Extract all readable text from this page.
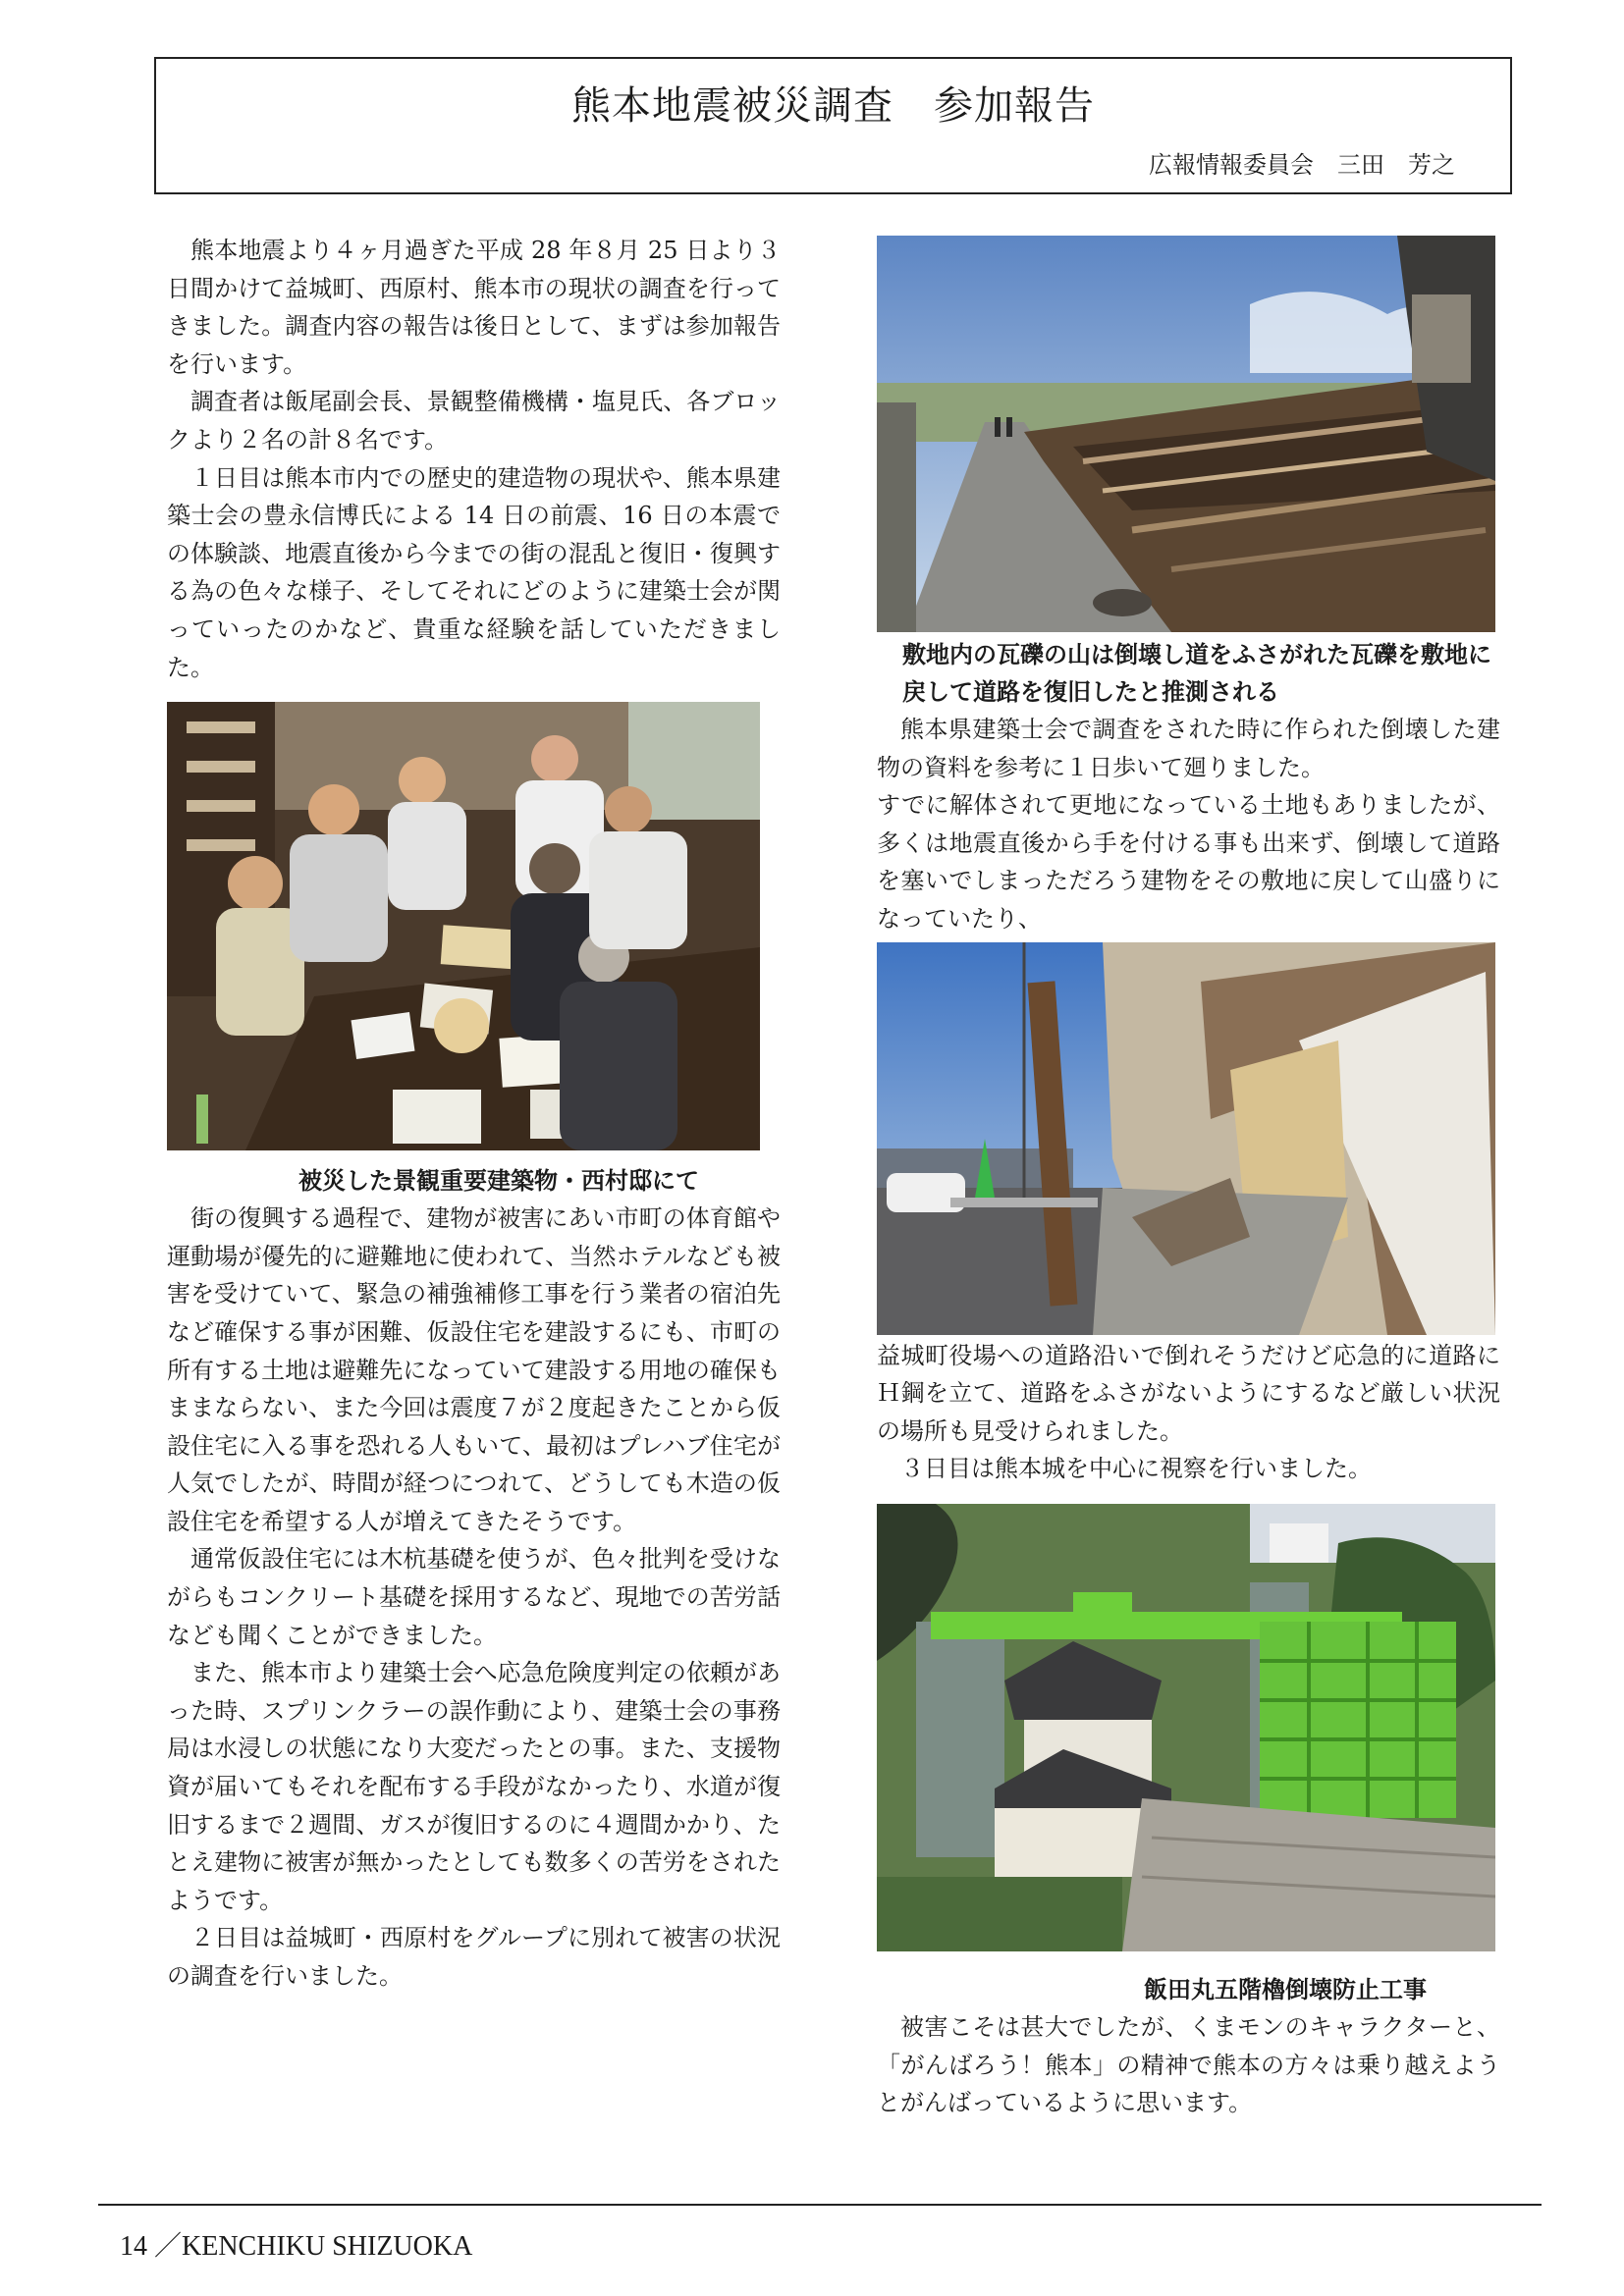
熊本地震被災調査　参加報告
広報情報委員会　三田　芳之

熊本地震より４ヶ月過ぎた平成 28 年８月 25 日より３日間かけて益城町、西原村、熊本市の現状の調査を行ってきました。調査内容の報告は後日として、まずは参加報告を行います。

調査者は飯尾副会長、景観整備機構・塩見氏、各ブロックより２名の計８名です。

１日目は熊本市内での歴史的建造物の現状や、熊本県建築士会の豊永信博氏による 14 日の前震、16 日の本震での体験談、地震直後から今までの街の混乱と復旧・復興する為の色々な様子、そしてそれにどのように建築士会が関っていったのかなど、貴重な経験を話していただきました。

被災した景観重要建築物・西村邸にて

街の復興する過程で、建物が被害にあい市町の体育館や運動場が優先的に避難地に使われて、当然ホテルなども被害を受けていて、緊急の補強補修工事を行う業者の宿泊先など確保する事が困難、仮設住宅を建設するにも、市町の所有する土地は避難先になっていて建設する用地の確保もままならない、また今回は震度７が２度起きたことから仮設住宅に入る事を恐れる人もいて、最初はプレハブ住宅が人気でしたが、時間が経つにつれて、どうしても木造の仮設住宅を希望する人が増えてきたそうです。

通常仮設住宅には木杭基礎を使うが、色々批判を受けながらもコンクリート基礎を採用するなど、現地での苦労話なども聞くことができました。

また、熊本市より建築士会へ応急危険度判定の依頼があった時、スプリンクラーの誤作動により、建築士会の事務局は水浸しの状態になり大変だったとの事。また、支援物資が届いてもそれを配布する手段がなかったり、水道が復旧するまで２週間、ガスが復旧するのに４週間かかり、たとえ建物に被害が無かったとしても数多くの苦労をされたようです。

２日目は益城町・西原村をグループに別れて被害の状況の調査を行いました。

敷地内の瓦礫の山は倒壊し道をふさがれた瓦礫を敷地に戻して道路を復旧したと推測される

熊本県建築士会で調査をされた時に作られた倒壊した建物の資料を参考に１日歩いて廻りました。

すでに解体されて更地になっている土地もありましたが、多くは地震直後から手を付ける事も出来ず、倒壊して道路を塞いでしまっただろう建物をその敷地に戻して山盛りになっていたり、

益城町役場への道路沿いで倒れそうだけど応急的に道路にＨ鋼を立て、道路をふさがないようにするなど厳しい状況の場所も見受けられました。

３日目は熊本城を中心に視察を行いました。

飯田丸五階櫓倒壊防止工事

被害こそは甚大でしたが、くまモンのキャラクターと、「がんばろう！熊本」の精神で熊本の方々は乗り越えようとがんばっているように思います。

14 ／KENCHIKU SHIZUOKA
